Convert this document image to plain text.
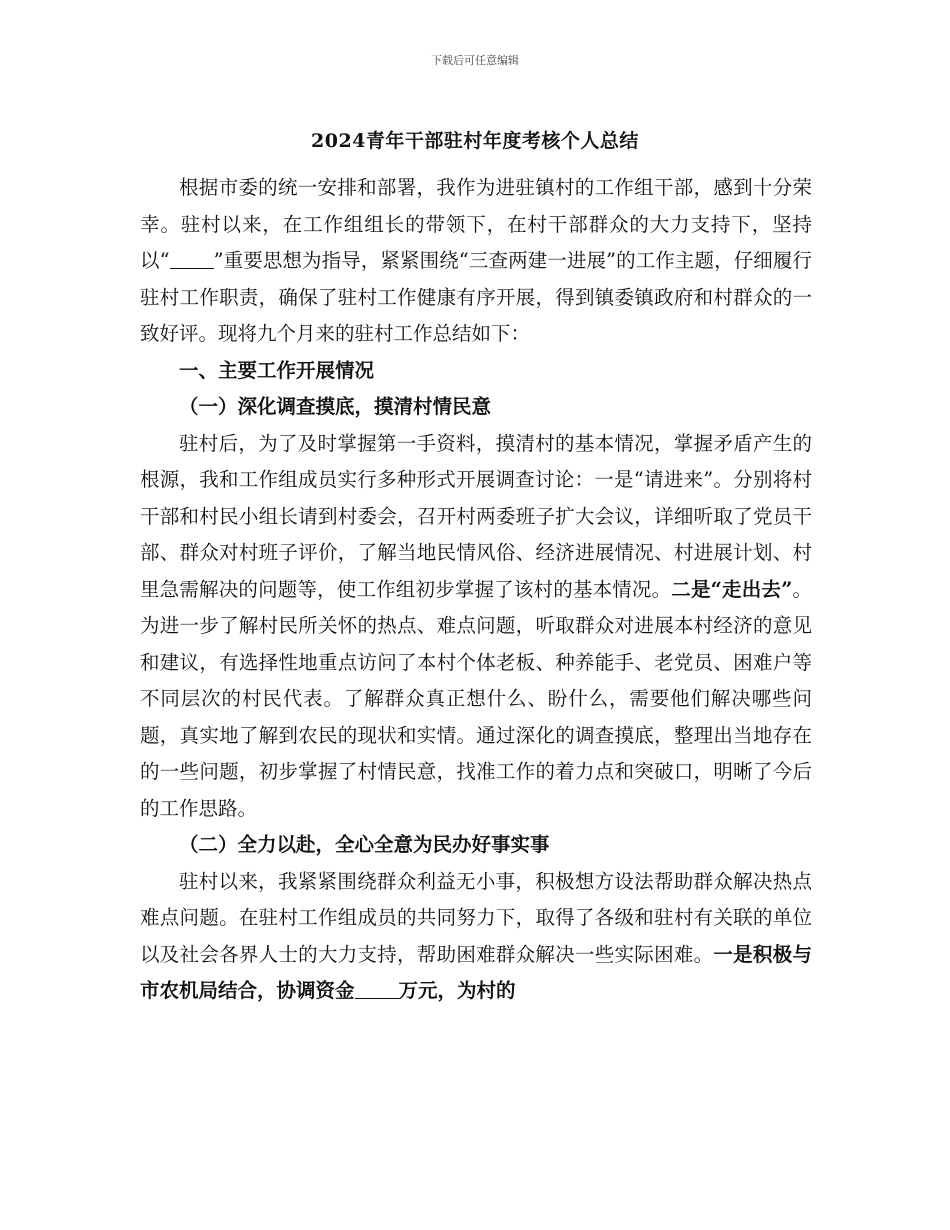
下载后可任意编辑
2024青年干部驻村年度考核个人总结

根据市委的统一安排和部署，我作为进驻镇村的工作组干部，感到十分荣幸。驻村以来，在工作组组长的带领下，在村干部群众的大力支持下，坚持以“ ”重要思想为指导，紧紧围绕“三查两建一进展”的工作主题，仔细履行驻村工作职责，确保了驻村工作健康有序开展，得到镇委镇政府和村群众的一致好评。现将九个月来的驻村工作总结如下：

一、主要工作开展情况

（一）深化调查摸底，摸清村情民意

驻村后，为了及时掌握第一手资料，摸清村的基本情况，掌握矛盾产生的根源，我和工作组成员实行多种形式开展调查讨论：一是“请进来”。分别将村干部和村民小组长请到村委会，召开村两委班子扩大会议，详细听取了党员干部、群众对村班子评价，了解当地民情风俗、经济进展情况、村进展计划、村里急需解决的问题等，使工作组初步掌握了该村的基本情况。二是“走出去”。为进一步了解村民所关怀的热点、难点问题，听取群众对进展本村经济的意见和建议，有选择性地重点访问了本村个体老板、种养能手、老党员、困难户等不同层次的村民代表。了解群众真正想什么、盼什么，需要他们解决哪些问题，真实地了解到农民的现状和实情。通过深化的调查摸底，整理出当地存在的一些问题，初步掌握了村情民意，找准工作的着力点和突破口，明晰了今后的工作思路。

（二）全力以赴，全心全意为民办好事实事

驻村以来，我紧紧围绕群众利益无小事，积极想方设法帮助群众解决热点难点问题。在驻村工作组成员的共同努力下，取得了各级和驻村有关联的单位以及社会各界人士的大力支持，帮助困难群众解决一些实际困难。一是积极与市农机局结合，协调资金 万元，为村的
